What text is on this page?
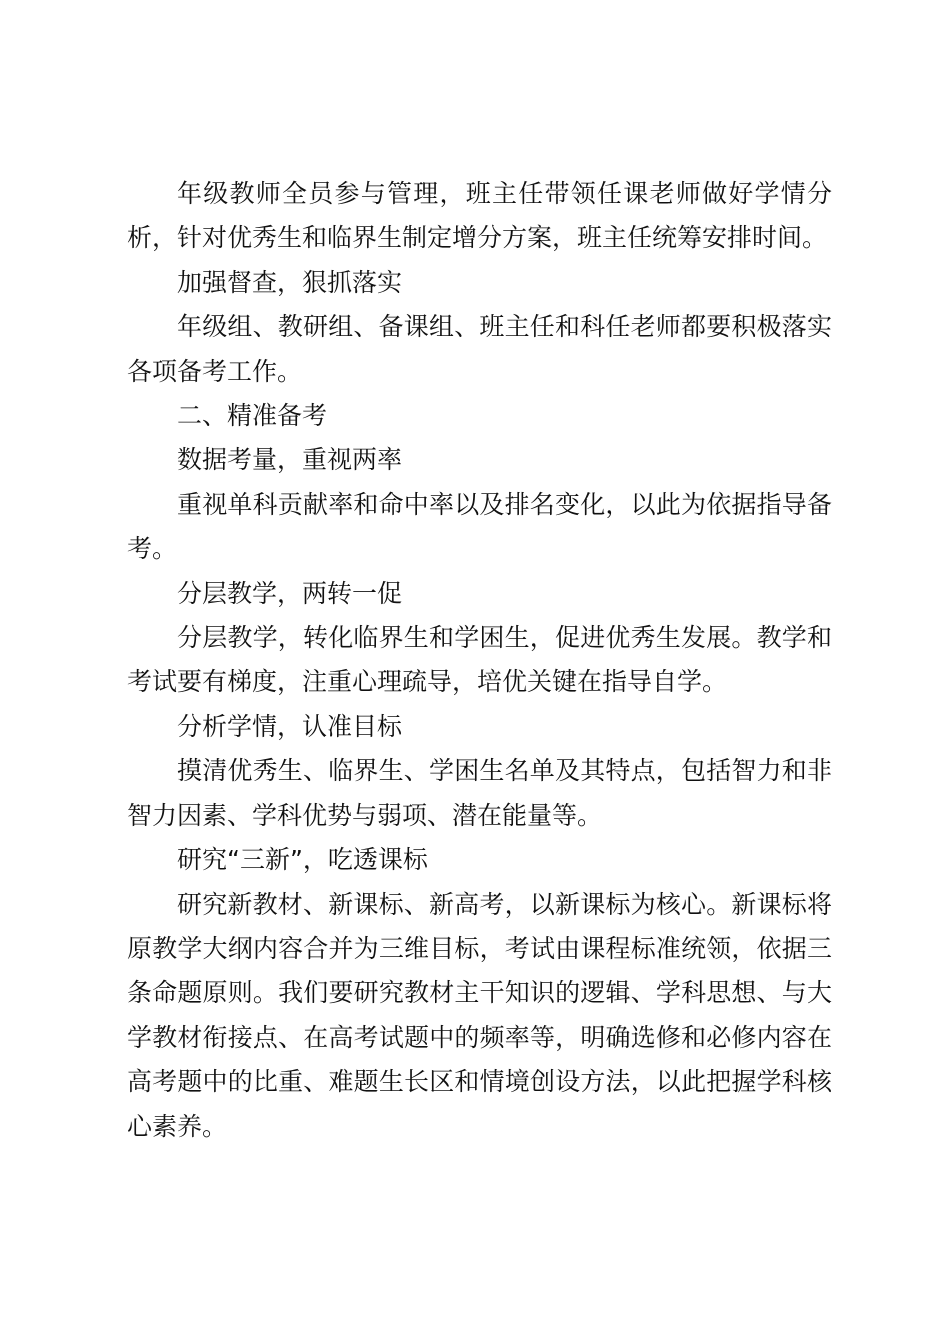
年级教师全员参与管理，班主任带领任课老师做好学情分析，针对优秀生和临界生制定增分方案，班主任统筹安排时间。

加强督查，狠抓落实

年级组、教研组、备课组、班主任和科任老师都要积极落实各项备考工作。

二、精准备考

数据考量，重视两率

重视单科贡献率和命中率以及排名变化，以此为依据指导备考。

分层教学，两转一促

分层教学，转化临界生和学困生，促进优秀生发展。教学和考试要有梯度，注重心理疏导，培优关键在指导自学。

分析学情，认准目标

摸清优秀生、临界生、学困生名单及其特点，包括智力和非智力因素、学科优势与弱项、潜在能量等。

研究“三新”，吃透课标

研究新教材、新课标、新高考，以新课标为核心。新课标将原教学大纲内容合并为三维目标，考试由课程标准统领，依据三条命题原则。我们要研究教材主干知识的逻辑、学科思想、与大学教材衔接点、在高考试题中的频率等，明确选修和必修内容在高考题中的比重、难题生长区和情境创设方法，以此把握学科核心素养。
